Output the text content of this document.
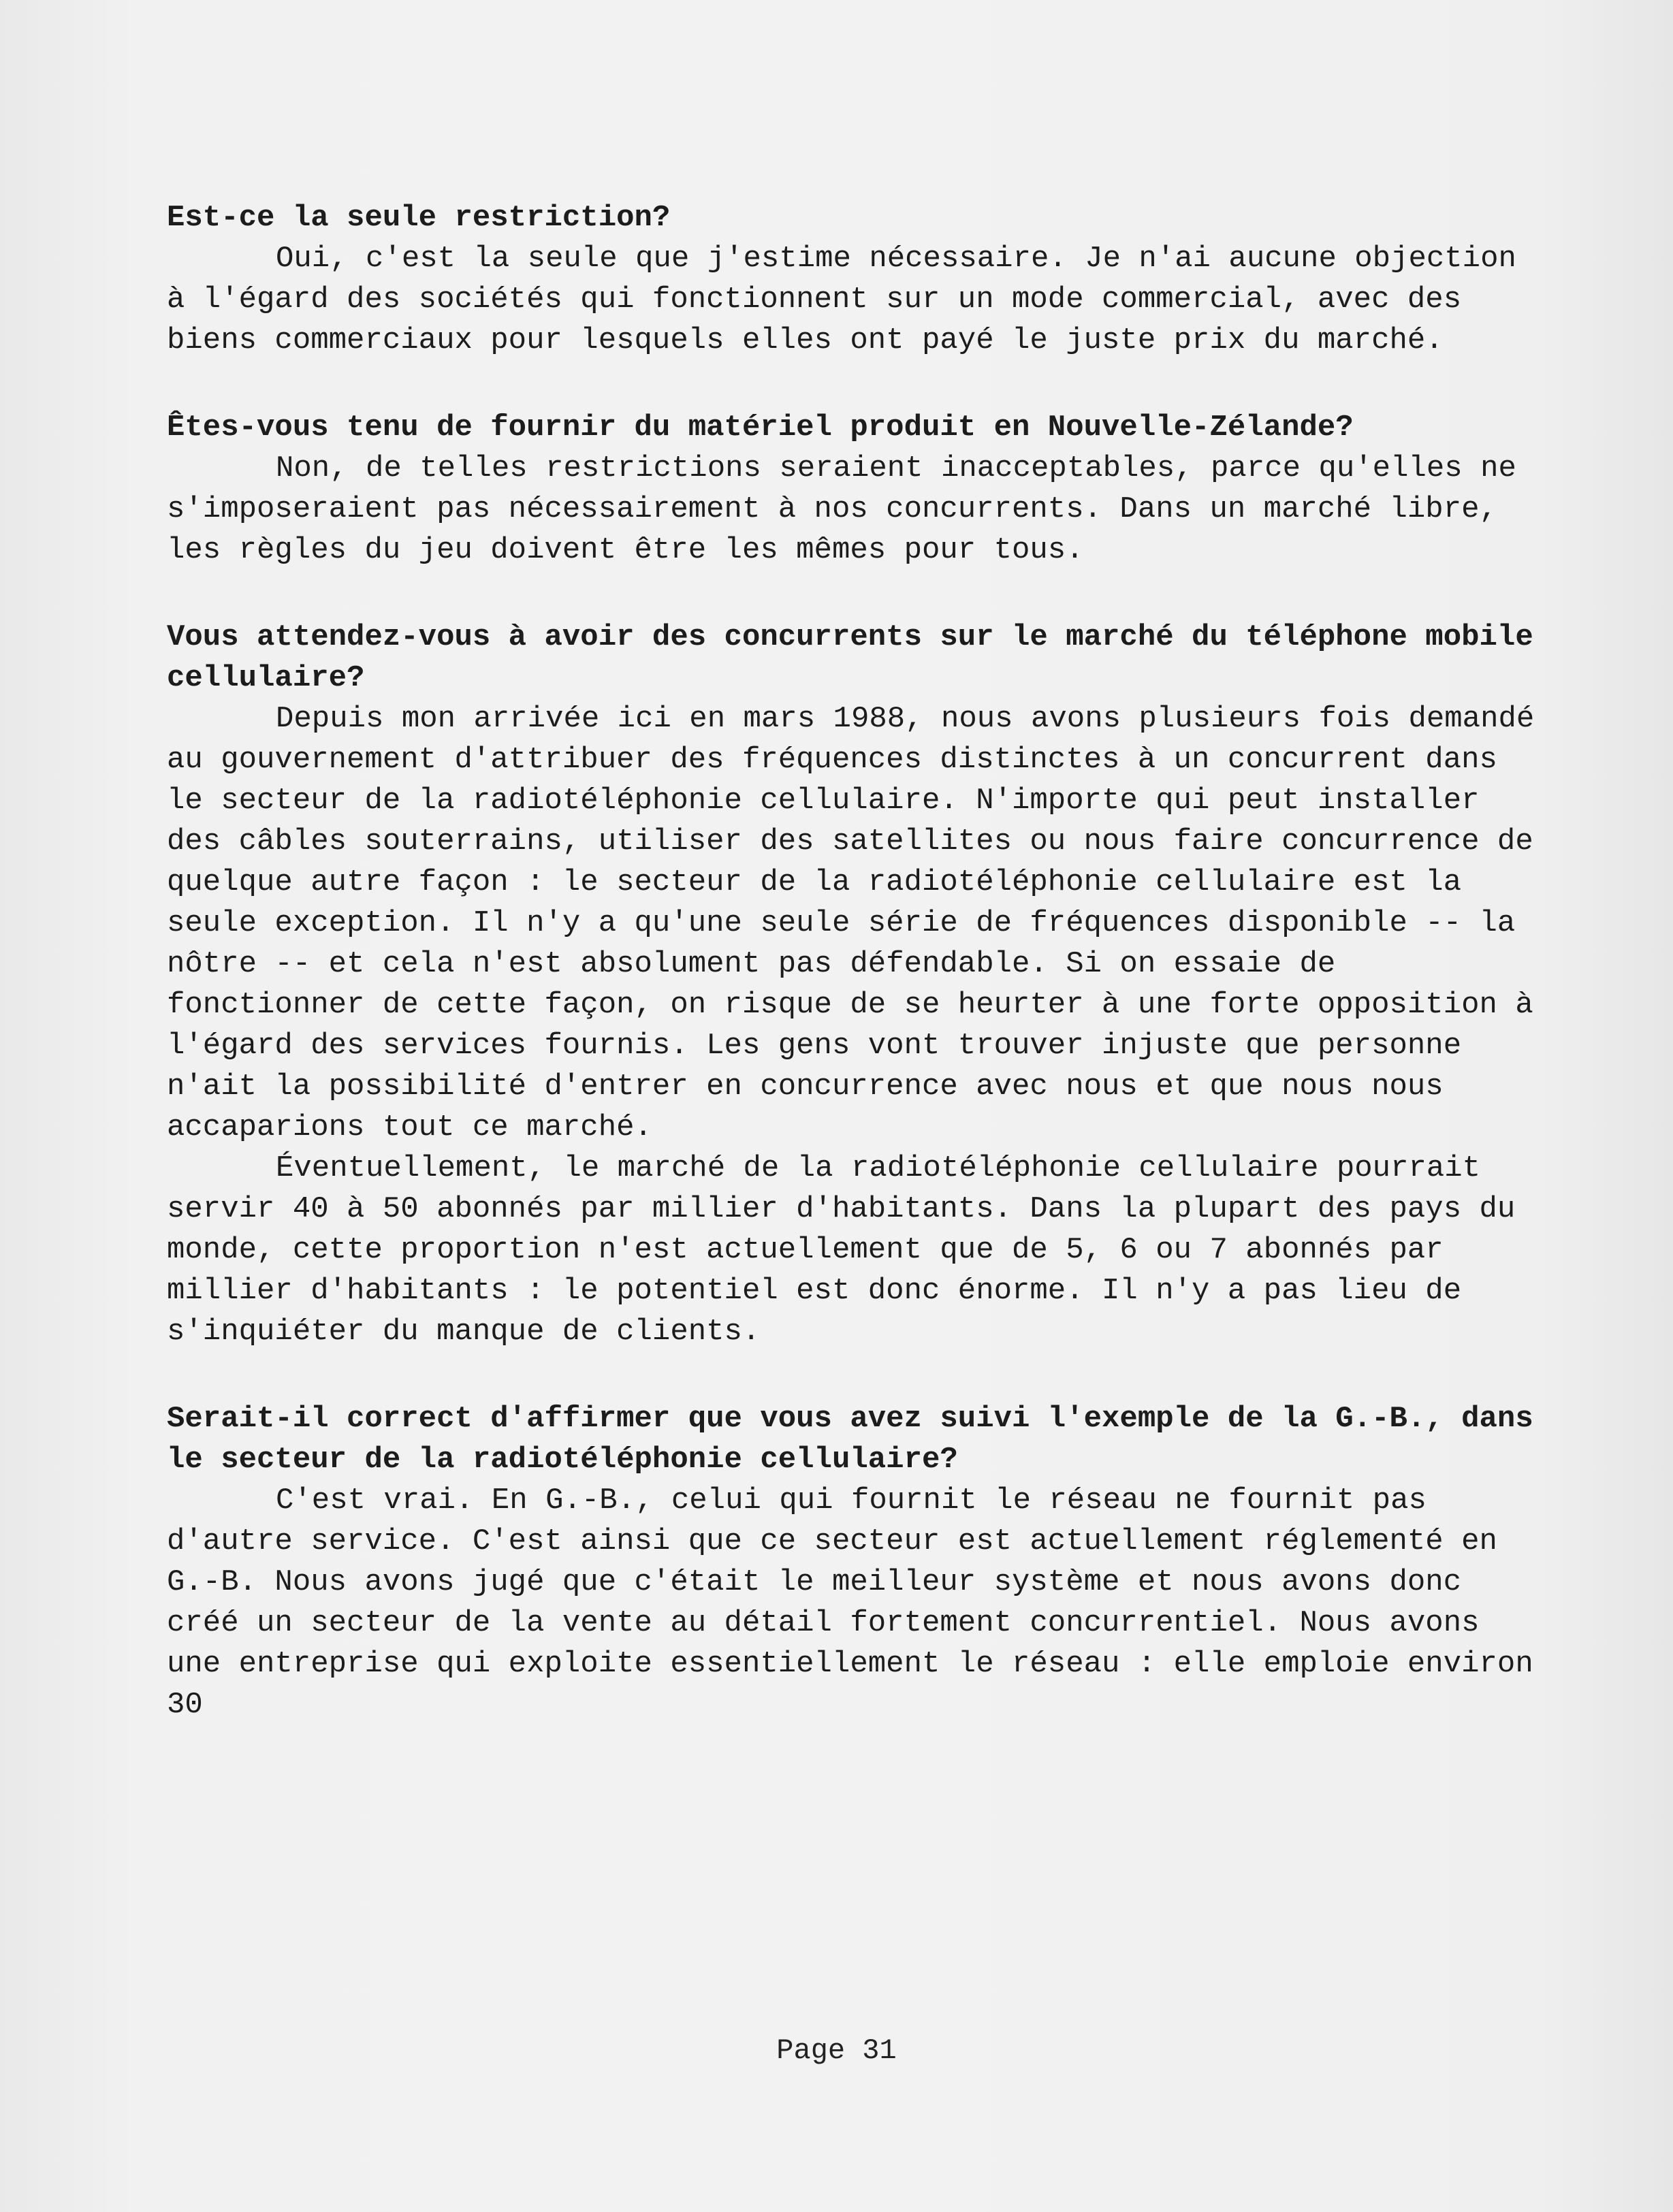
Est-ce la seule restriction?

Oui, c'est la seule que j'estime nécessaire. Je n'ai aucune objection à l'égard des sociétés qui fonctionnent sur un mode commercial, avec des biens commerciaux pour lesquels elles ont payé le juste prix du marché.

Êtes-vous tenu de fournir du matériel produit en Nouvelle-Zélande?

Non, de telles restrictions seraient inacceptables, parce qu'elles ne s'imposeraient pas nécessairement à nos concurrents. Dans un marché libre, les règles du jeu doivent être les mêmes pour tous.

Vous attendez-vous à avoir des concurrents sur le marché du téléphone mobile cellulaire?

Depuis mon arrivée ici en mars 1988, nous avons plusieurs fois demandé au gouvernement d'attribuer des fréquences distinctes à un concurrent dans le secteur de la radiotéléphonie cellulaire. N'importe qui peut installer des câbles souterrains, utiliser des satellites ou nous faire concurrence de quelque autre façon : le secteur de la radiotéléphonie cellulaire est la seule exception. Il n'y a qu'une seule série de fréquences disponible -- la nôtre -- et cela n'est absolument pas défendable. Si on essaie de fonctionner de cette façon, on risque de se heurter à une forte opposition à l'égard des services fournis. Les gens vont trouver injuste que personne n'ait la possibilité d'entrer en concurrence avec nous et que nous nous accaparions tout ce marché.

Éventuellement, le marché de la radiotéléphonie cellulaire pourrait servir 40 à 50 abonnés par millier d'habitants. Dans la plupart des pays du monde, cette proportion n'est actuellement que de 5, 6 ou 7 abonnés par millier d'habitants : le potentiel est donc énorme. Il n'y a pas lieu de s'inquiéter du manque de clients.

Serait-il correct d'affirmer que vous avez suivi l'exemple de la G.-B., dans le secteur de la radiotéléphonie cellulaire?

C'est vrai. En G.-B., celui qui fournit le réseau ne fournit pas d'autre service. C'est ainsi que ce secteur est actuellement réglementé en G.-B. Nous avons jugé que c'était le meilleur système et nous avons donc créé un secteur de la vente au détail fortement concurrentiel. Nous avons une entreprise qui exploite essentiellement le réseau : elle emploie environ 30

Page 31
